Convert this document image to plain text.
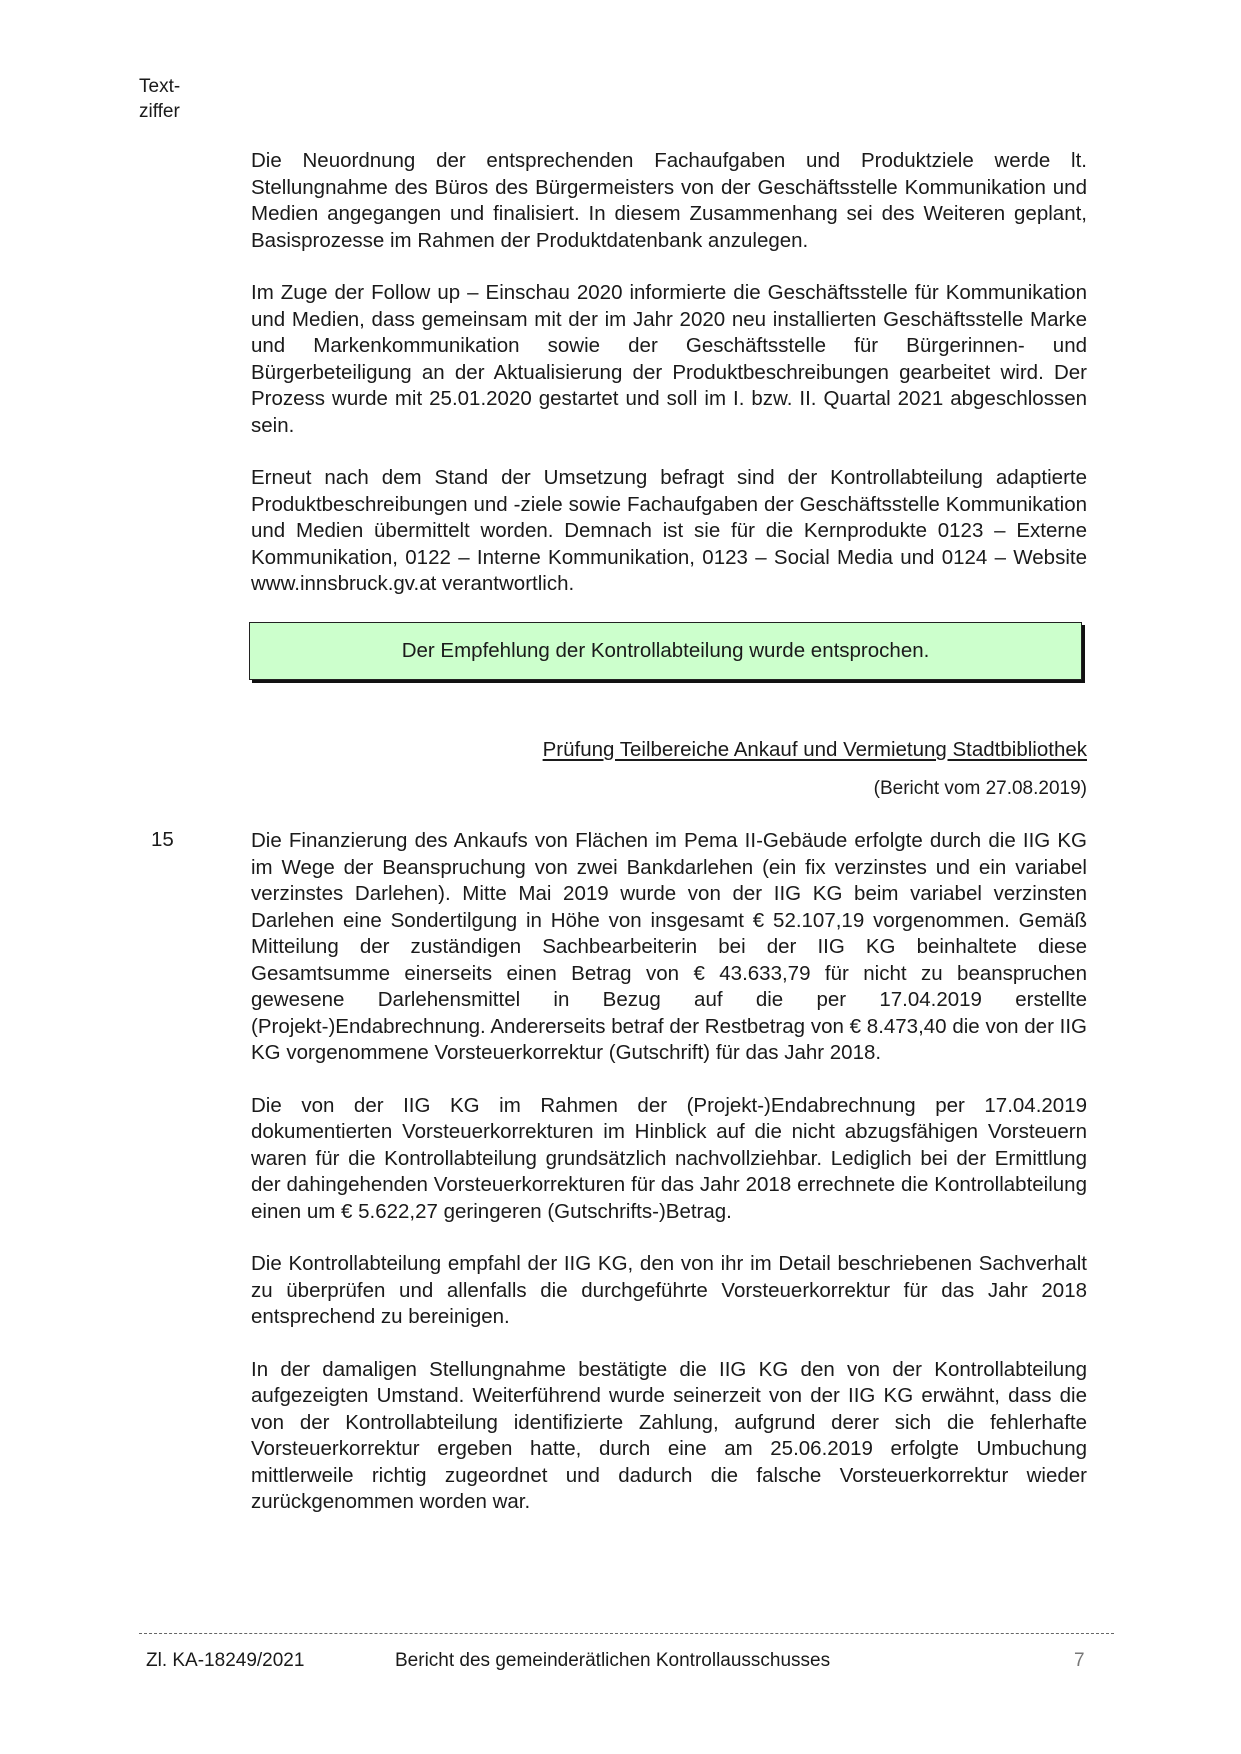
Text-
ziffer

Die Neuordnung der entsprechenden Fachaufgaben und Produktziele werde lt. Stellungnahme des Büros des Bürgermeisters von der Geschäftsstelle Kommunikation und Medien angegangen und finalisiert. In diesem Zusammenhang sei des Weiteren geplant, Basisprozesse im Rahmen der Produktdatenbank anzulegen.

Im Zuge der Follow up – Einschau 2020 informierte die Geschäftsstelle für Kommunikation und Medien, dass gemeinsam mit der im Jahr 2020 neu installierten Geschäftsstelle Marke und Markenkommunikation sowie der Geschäftsstelle für Bürgerinnen- und Bürgerbeteiligung an der Aktualisierung der Produktbeschreibungen gearbeitet wird. Der Prozess wurde mit 25.01.2020 gestartet und soll im I. bzw. II. Quartal 2021 abgeschlossen sein.

Erneut nach dem Stand der Umsetzung befragt sind der Kontrollabteilung adaptierte Produktbeschreibungen und -ziele sowie Fachaufgaben der Geschäftsstelle Kommunikation und Medien übermittelt worden. Demnach ist sie für die Kernprodukte 0123 – Externe Kommunikation, 0122 – Interne Kommunikation, 0123 – Social Media und 0124 – Website www.innsbruck.gv.at verantwortlich.

Der Empfehlung der Kontrollabteilung wurde entsprochen.
Prüfung Teilbereiche Ankauf und Vermietung Stadtbibliothek
(Bericht vom 27.08.2019)
15	Die Finanzierung des Ankaufs von Flächen im Pema II-Gebäude erfolgte durch die IIG KG im Wege der Beanspruchung von zwei Bankdarlehen (ein fix verzinstes und ein variabel verzinstes Darlehen). Mitte Mai 2019 wurde von der IIG KG beim variabel verzinsten Darlehen eine Sondertilgung in Höhe von insgesamt € 52.107,19 vorgenommen. Gemäß Mitteilung der zuständigen Sachbearbeiterin bei der IIG KG beinhaltete diese Gesamtsumme einerseits einen Betrag von € 43.633,79 für nicht zu beanspruchen gewesene Darlehensmittel in Bezug auf die per 17.04.2019 erstellte (Projekt-)Endabrechnung. Andererseits betraf der Restbetrag von € 8.473,40 die von der IIG KG vorgenommene Vorsteuerkorrektur (Gutschrift) für das Jahr 2018.

Die von der IIG KG im Rahmen der (Projekt-)Endabrechnung per 17.04.2019 dokumentierten Vorsteuerkorrekturen im Hinblick auf die nicht abzugsfähigen Vorsteuern waren für die Kontrollabteilung grundsätzlich nachvollziehbar. Lediglich bei der Ermittlung der dahingehenden Vorsteuerkorrekturen für das Jahr 2018 errechnete die Kontrollabteilung einen um € 5.622,27 geringeren (Gutschrifts-)Betrag.

Die Kontrollabteilung empfahl der IIG KG, den von ihr im Detail beschriebenen Sachverhalt zu überprüfen und allenfalls die durchgeführte Vorsteuerkorrektur für das Jahr 2018 entsprechend zu bereinigen.

In der damaligen Stellungnahme bestätigte die IIG KG den von der Kontrollabteilung aufgezeigten Umstand. Weiterführend wurde seinerzeit von der IIG KG erwähnt, dass die von der Kontrollabteilung identifizierte Zahlung, aufgrund derer sich die fehlerhafte Vorsteuerkorrektur ergeben hatte, durch eine am 25.06.2019 erfolgte Umbuchung mittlerweile richtig zugeordnet und dadurch die falsche Vorsteuerkorrektur wieder zurückgenommen worden war.

Zl. KA-18249/2021	Bericht des gemeinderätlichen Kontrollausschusses	7
